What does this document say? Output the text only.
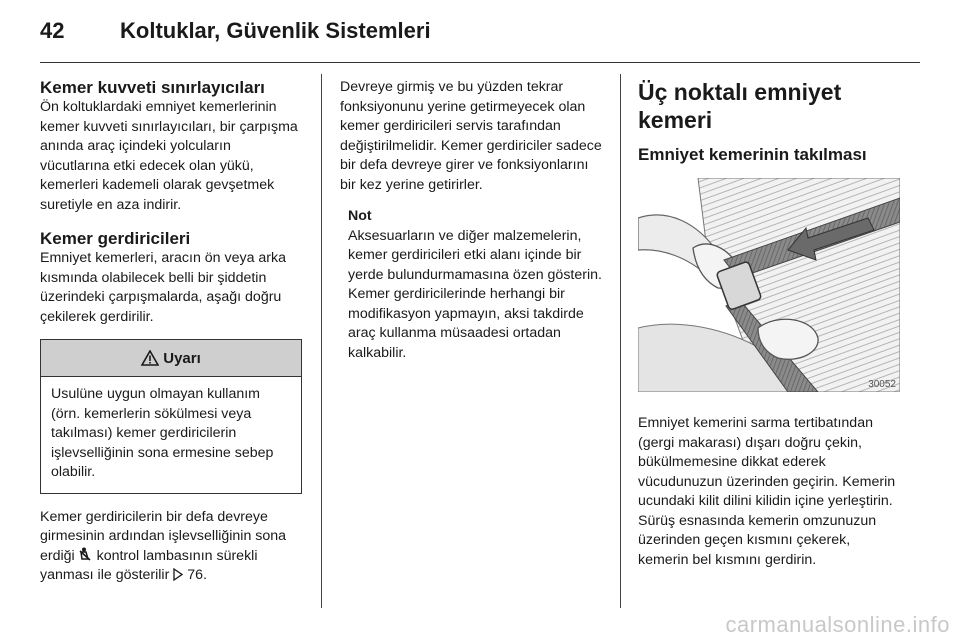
42	Koltuklar, Güvenlik Sistemleri
Kemer kuvveti sınırlayıcıları

Ön koltuklardaki emniyet kemerlerinin kemer kuvveti sınırlayıcıları, bir çarpışma anında araç içindeki yolcuların vücutlarına etki edecek olan yükü, kemerleri kademeli olarak gevşetmek suretiyle en aza indirir.

Kemer gerdiricileri

Emniyet kemerleri, aracın ön veya arka kısmında olabilecek belli bir şiddetin üzerindeki çarpışmalarda, aşağı doğru çekilerek gerdirilir.

Uyarı

Usulüne uygun olmayan kullanım (örn. kemerlerin sökülmesi veya takılması) kemer gerdiricilerin işlevselliğinin sona ermesine sebep olabilir.

Kemer gerdiricilerin bir defa devreye girmesinin ardından işlevselliğinin sona erdiği kontrol lambasının sürekli yanması ile gösterilir 76.

Devreye girmiş ve bu yüzden tekrar fonksiyonunu yerine getirmeyecek olan kemer gerdiricileri servis tarafından değiştirilmelidir. Kemer gerdiriciler sadece bir defa devreye girer ve fonksiyonlarını bir kez yerine getirirler.

Not

Aksesuarların ve diğer malzemelerin, kemer gerdiricileri etki alanı içinde bir yerde bulundurmamasına özen gösterin. Kemer gerdiricilerinde herhangi bir modifikasyon yapmayın, aksi takdirde araç kullanma müsaadesi ortadan kalkabilir.

Üç noktalı emniyet kemeri
Emniyet kemerinin takılması
30052

Emniyet kemerini sarma tertibatından (gergi makarası) dışarı doğru çekin, bükülmemesine dikkat ederek vücudunuzun üzerinden geçirin. Kemerin ucundaki kilit dilini kilidin içine yerleştirin. Sürüş esnasında kemerin omzunuzun üzerinden geçen kısmını çekerek, kemerin bel kısmını gerdirin.

carmanualsonline.info
